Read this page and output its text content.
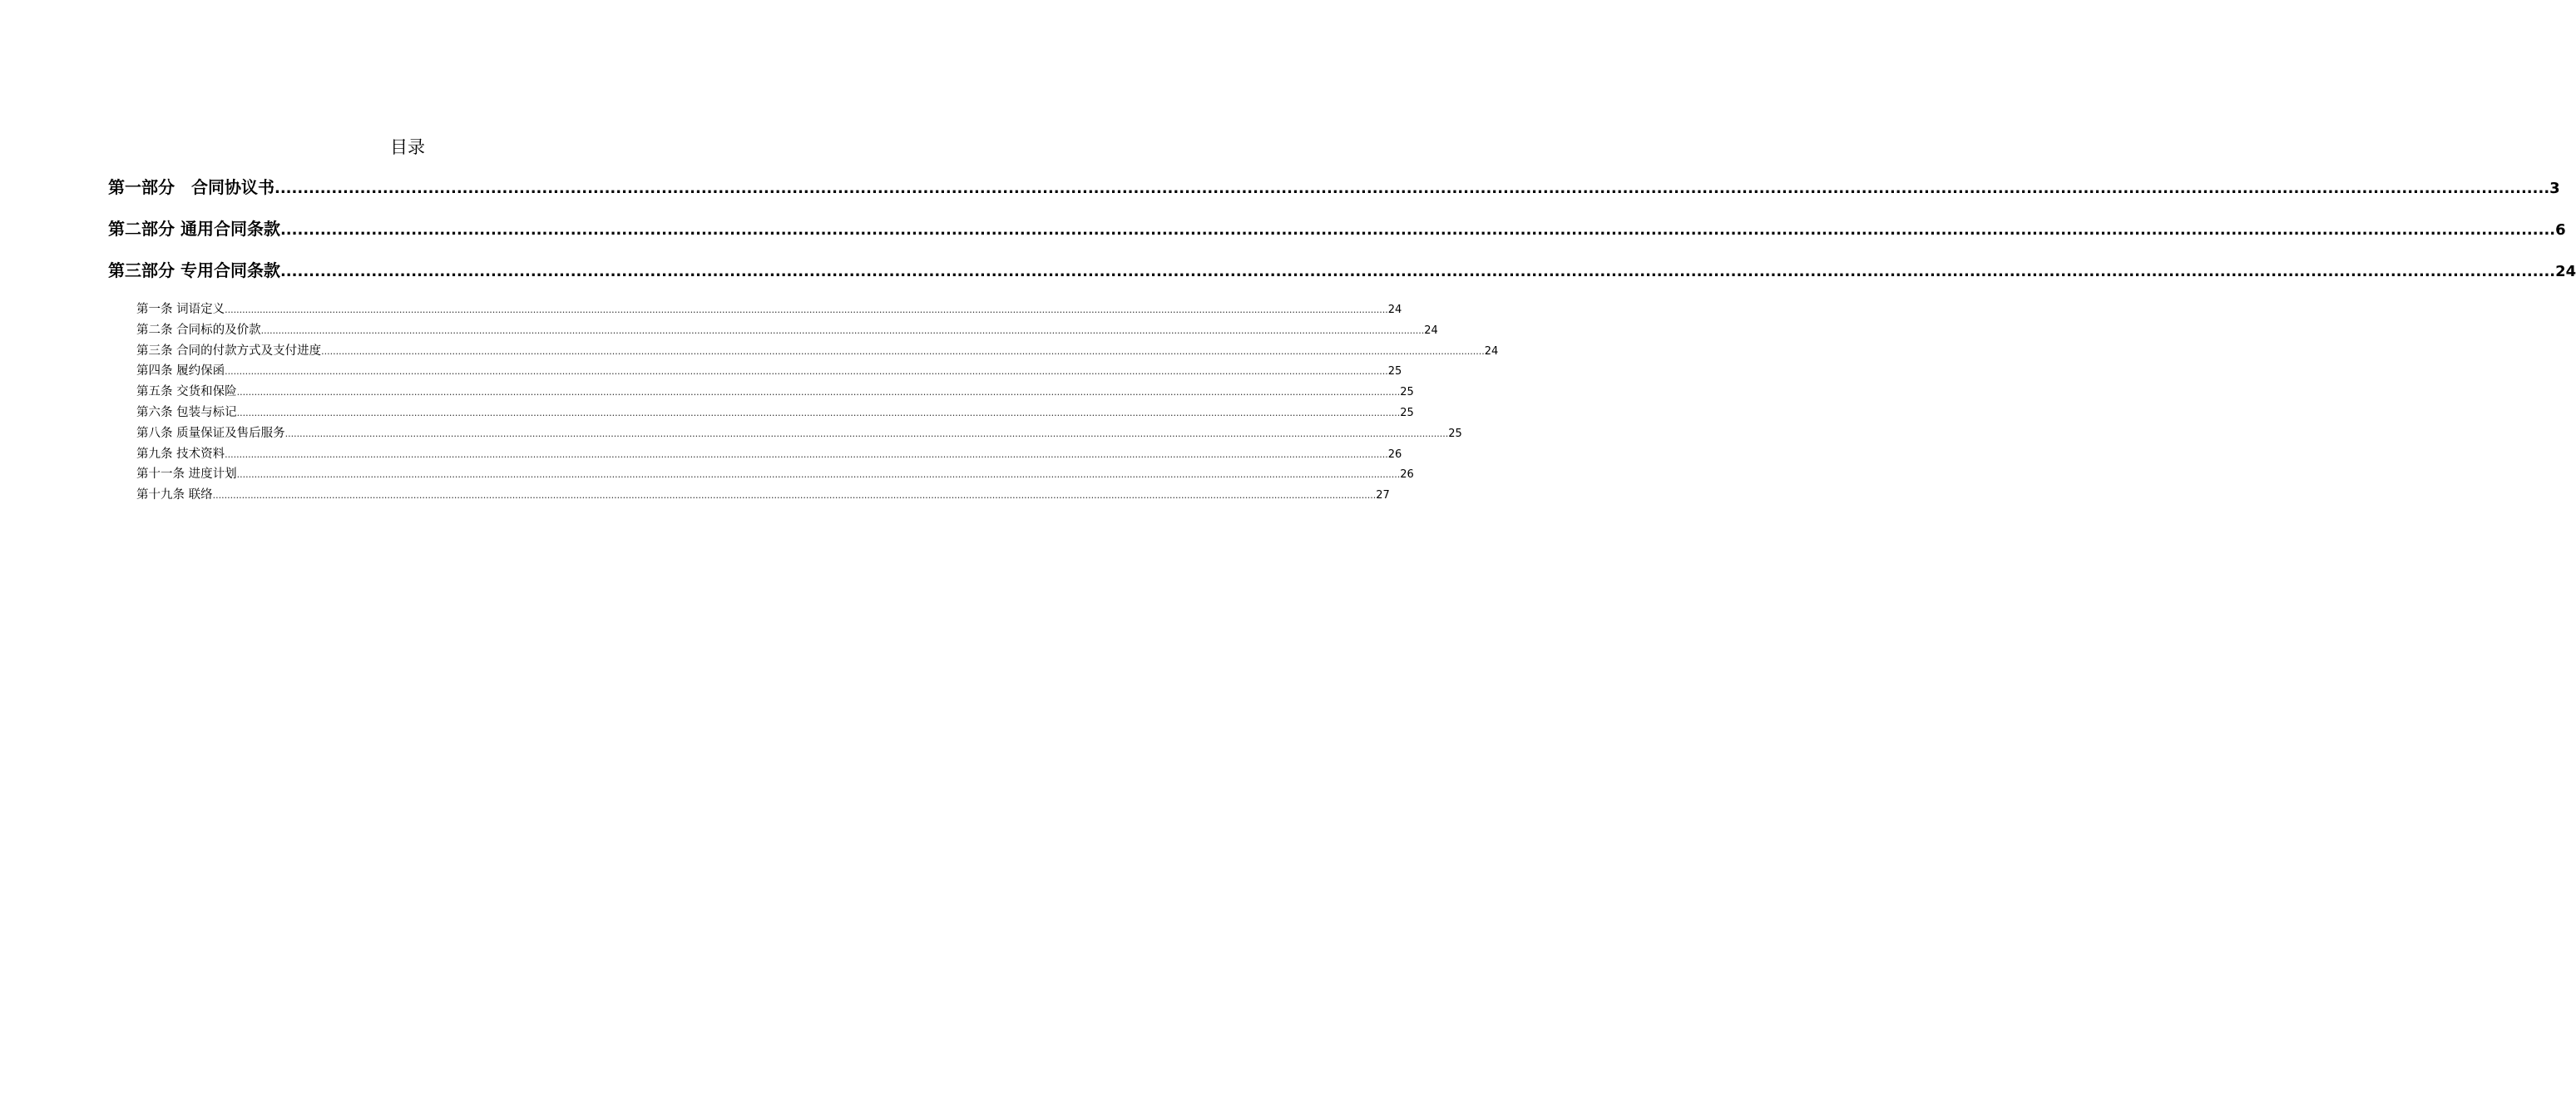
目录
第一部分　合同协议书 ................................................................................................................................................................................................................................................................................................................................................................................................................ 3
第二部分 通用合同条款 ................................................................................................................................................................................................................................................................................................................................................................................................................ 6
第三部分 专用合同条款 ................................................................................................................................................................................................................................................................................................................................................................................................................ 24
第一条 词语定义 ................................................................................................................................................................................................................................................................................................................................................................................................................ 24
第二条 合同标的及价款 ................................................................................................................................................................................................................................................................................................................................................................................................................ 24
第三条 合同的付款方式及支付进度 ................................................................................................................................................................................................................................................................................................................................................................................................................ 24
第四条 履约保函 ................................................................................................................................................................................................................................................................................................................................................................................................................ 25
第五条 交货和保险 ................................................................................................................................................................................................................................................................................................................................................................................................................ 25
第六条 包装与标记 ................................................................................................................................................................................................................................................................................................................................................................................................................ 25
第八条 质量保证及售后服务 ................................................................................................................................................................................................................................................................................................................................................................................................................ 25
第九条 技术资料 ................................................................................................................................................................................................................................................................................................................................................................................................................ 26
第十一条 进度计划 ................................................................................................................................................................................................................................................................................................................................................................................................................ 26
第十九条 联络 ................................................................................................................................................................................................................................................................................................................................................................................................................ 27
